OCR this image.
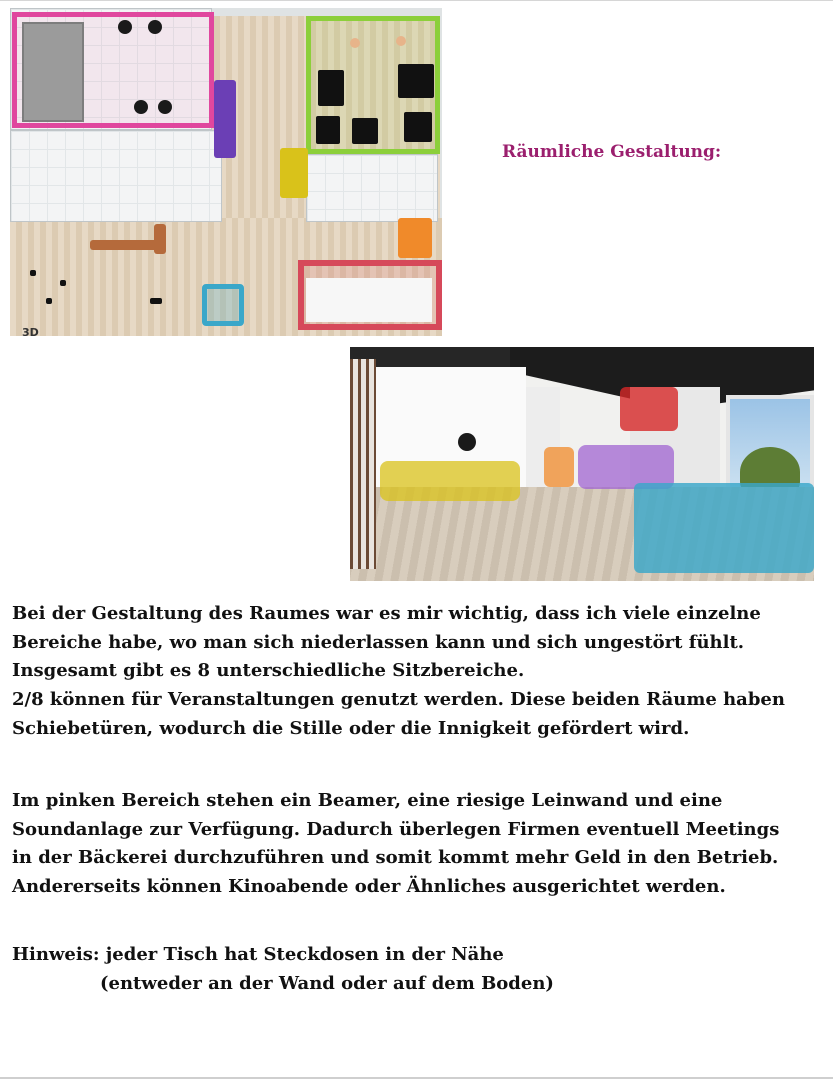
3D
Räumliche Gestaltung:
Bei der Gestaltung des Raumes war es mir wichtig, dass ich viele einzelne
Bereiche habe, wo man sich niederlassen kann und sich ungestört fühlt.
Insgesamt gibt es 8 unterschiedliche Sitzbereiche.
2/8 können für Veranstaltungen genutzt werden. Diese beiden Räume haben
Schiebetüren, wodurch die Stille oder die Innigkeit gefördert wird.
Im pinken Bereich stehen ein Beamer, eine riesige Leinwand und eine
Soundanlage zur Verfügung. Dadurch überlegen Firmen eventuell Meetings
in der Bäckerei durchzuführen und somit kommt mehr Geld in den Betrieb.
Andererseits können Kinoabende oder Ähnliches ausgerichtet werden.
Hinweis: jeder Tisch hat Steckdosen in der Nähe
(entweder an der Wand oder auf dem Boden)
